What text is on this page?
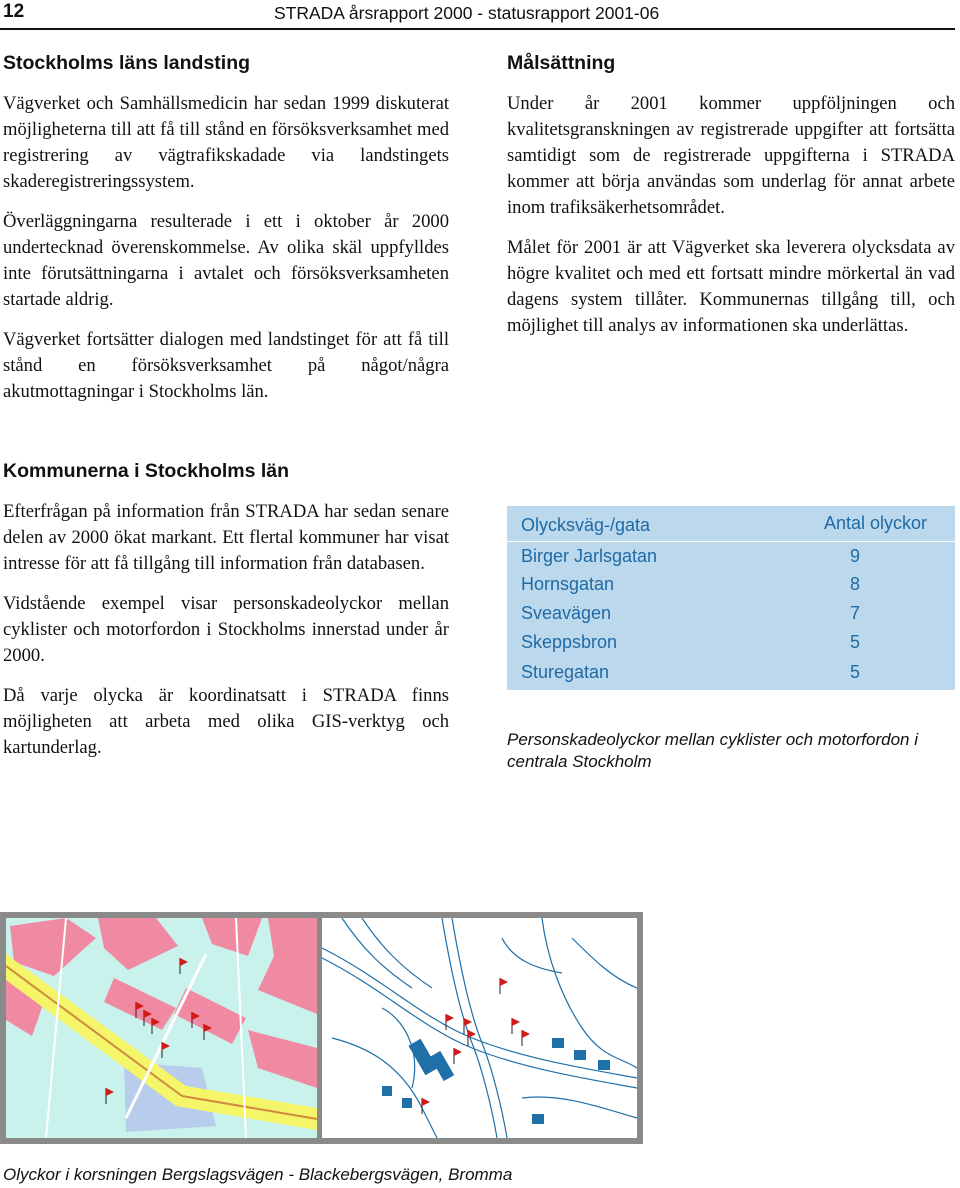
12	STRADA årsrapport 2000 - statusrapport 2001-06
Stockholms läns landsting

Vägverket och Samhällsmedicin har sedan 1999 diskuterat möjligheterna till att få till stånd en försöksverksamhet med registrering av vägtrafikskadade via landstingets skaderegistreringssystem.

Överläggningarna resulterade i ett i oktober år 2000 undertecknad överenskommelse. Av olika skäl uppfylldes inte förutsättningarna i avtalet och försöksverksamheten startade aldrig.

Vägverket fortsätter dialogen med landstinget för att få till stånd en försöksverksamhet på något/några akutmottagningar i Stockholms län.

Målsättning

Under år 2001 kommer uppföljningen och kvalitetsgranskningen av registrerade uppgifter att fortsätta samtidigt som de registrerade uppgifterna i STRADA kommer att börja användas som underlag för annat arbete inom trafiksäkerhetsområdet.

Målet för 2001 är att Vägverket ska leverera olycksdata av högre kvalitet och med ett fortsatt mindre mörkertal än vad dagens system tillåter. Kommunernas tillgång till, och möjlighet till analys av informationen ska underlättas.

Kommunerna i Stockholms län

Efterfrågan på information från STRADA har sedan senare delen av 2000 ökat markant. Ett flertal kommuner har visat intresse för att få tillgång till information från databasen.

Vidstående exempel visar personskadeolyckor mellan cyklister och motorfordon i Stockholms innerstad under år 2000.

Då varje olycka är koordinatsatt i STRADA finns möjligheten att arbeta med olika GIS-verktyg och kartunderlag.

Olycksväg-/gata	Antal olyckor
Birger Jarlsgatan	9
Hornsgatan	8
Sveavägen	7
Skeppsbron	5
Sturegatan	5

Personskadeolyckor mellan cyklister och motorfordon i centrala Stockholm

Olyckor i korsningen Bergslagsvägen - Blackebergsvägen, Bromma
